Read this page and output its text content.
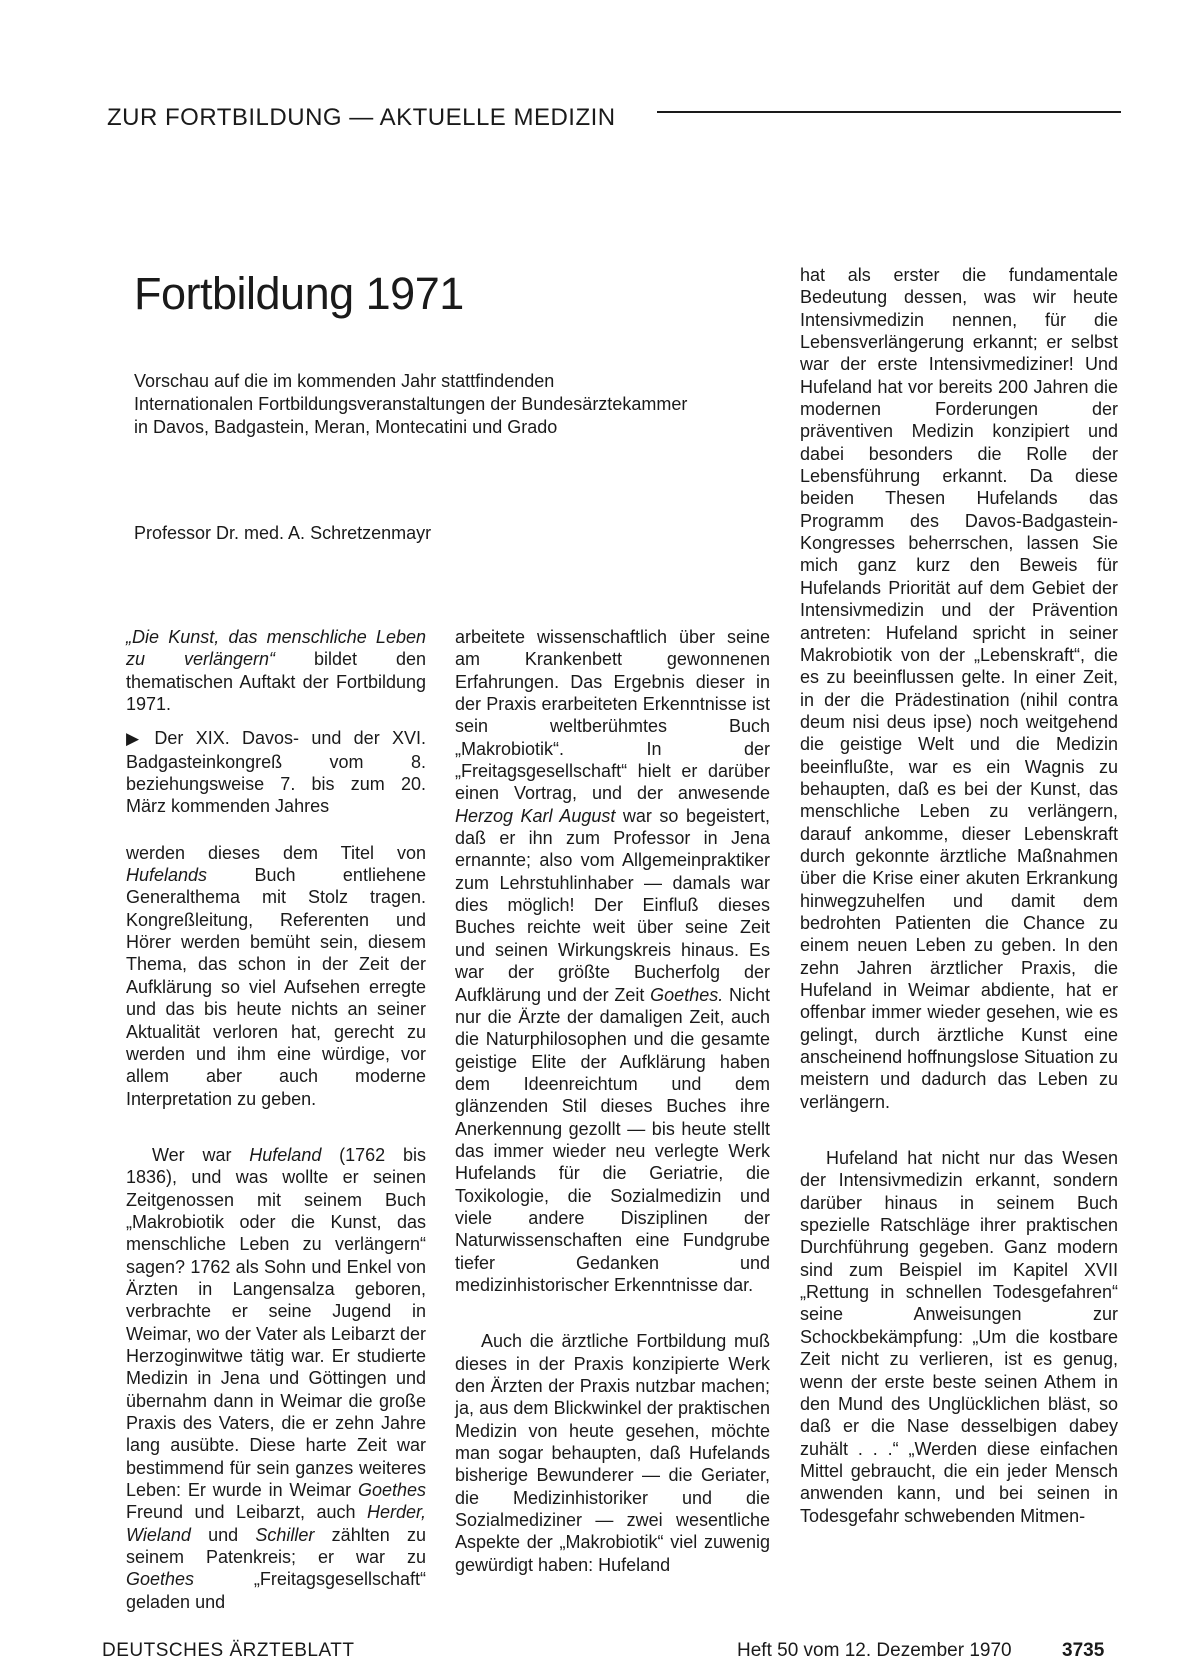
ZUR FORTBILDUNG — AKTUELLE MEDIZIN
Fortbildung 1971
Vorschau auf die im kommenden Jahr stattfindenden
Internationalen Fortbildungsveranstaltungen der Bundesärztekammer
in Davos, Badgastein, Meran, Montecatini und Grado
Professor Dr. med. A. Schretzenmayr

„Die Kunst, das menschliche Leben zu verlängern“ bildet den thematischen Auftakt der Fortbildung 1971.

▶ Der XIX. Davos- und der XVI. Badgasteinkongreß vom 8. beziehungsweise 7. bis zum 20. März kommenden Jahres

werden dieses dem Titel von Hufelands Buch entliehene Generalthema mit Stolz tragen. Kongreßleitung, Referenten und Hörer werden bemüht sein, diesem Thema, das schon in der Zeit der Aufklärung so viel Aufsehen erregte und das bis heute nichts an seiner Aktualität verloren hat, gerecht zu werden und ihm eine würdige, vor allem aber auch moderne Interpretation zu geben.

Wer war Hufeland (1762 bis 1836), und was wollte er seinen Zeitgenossen mit seinem Buch „Makrobiotik oder die Kunst, das menschliche Leben zu verlängern“ sagen? 1762 als Sohn und Enkel von Ärzten in Langensalza geboren, verbrachte er seine Jugend in Weimar, wo der Vater als Leibarzt der Herzoginwitwe tätig war. Er studierte Medizin in Jena und Göttingen und übernahm dann in Weimar die große Praxis des Vaters, die er zehn Jahre lang ausübte. Diese harte Zeit war bestimmend für sein ganzes weiteres Leben: Er wurde in Weimar Goethes Freund und Leibarzt, auch Herder, Wieland und Schiller zählten zu seinem Patenkreis; er war zu Goethes „Freitagsgesellschaft“ geladen und

arbeitete wissenschaftlich über seine am Krankenbett gewonnenen Erfahrungen. Das Ergebnis dieser in der Praxis erarbeiteten Erkenntnisse ist sein weltberühmtes Buch „Makrobiotik“. In der „Freitagsgesellschaft“ hielt er darüber einen Vortrag, und der anwesende Herzog Karl August war so begeistert, daß er ihn zum Professor in Jena ernannte; also vom Allgemeinpraktiker zum Lehrstuhlinhaber — damals war dies möglich! Der Einfluß dieses Buches reichte weit über seine Zeit und seinen Wirkungskreis hinaus. Es war der größte Bucherfolg der Aufklärung und der Zeit Goethes. Nicht nur die Ärzte der damaligen Zeit, auch die Naturphilosophen und die gesamte geistige Elite der Aufklärung haben dem Ideenreichtum und dem glänzenden Stil dieses Buches ihre Anerkennung gezollt — bis heute stellt das immer wieder neu verlegte Werk Hufelands für die Geriatrie, die Toxikologie, die Sozialmedizin und viele andere Disziplinen der Naturwissenschaften eine Fundgrube tiefer Gedanken und medizinhistorischer Erkenntnisse dar.

Auch die ärztliche Fortbildung muß dieses in der Praxis konzipierte Werk den Ärzten der Praxis nutzbar machen; ja, aus dem Blickwinkel der praktischen Medizin von heute gesehen, möchte man sogar behaupten, daß Hufelands bisherige Bewunderer — die Geriater, die Medizinhistoriker und die Sozialmediziner — zwei wesentliche Aspekte der „Makrobiotik“ viel zuwenig gewürdigt haben: Hufeland

hat als erster die fundamentale Bedeutung dessen, was wir heute Intensivmedizin nennen, für die Lebensverlängerung erkannt; er selbst war der erste Intensivmediziner! Und Hufeland hat vor bereits 200 Jahren die modernen Forderungen der präventiven Medizin konzipiert und dabei besonders die Rolle der Lebensführung erkannt. Da diese beiden Thesen Hufelands das Programm des Davos-Badgastein-Kongresses beherrschen, lassen Sie mich ganz kurz den Beweis für Hufelands Priorität auf dem Gebiet der Intensivmedizin und der Prävention antreten: Hufeland spricht in seiner Makrobiotik von der „Lebenskraft“, die es zu beeinflussen gelte. In einer Zeit, in der die Prädestination (nihil contra deum nisi deus ipse) noch weitgehend die geistige Welt und die Medizin beeinflußte, war es ein Wagnis zu behaupten, daß es bei der Kunst, das menschliche Leben zu verlängern, darauf ankomme, dieser Lebenskraft durch gekonnte ärztliche Maßnahmen über die Krise einer akuten Erkrankung hinwegzuhelfen und damit dem bedrohten Patienten die Chance zu einem neuen Leben zu geben. In den zehn Jahren ärztlicher Praxis, die Hufeland in Weimar abdiente, hat er offenbar immer wieder gesehen, wie es gelingt, durch ärztliche Kunst eine anscheinend hoffnungslose Situation zu meistern und dadurch das Leben zu verlängern.

Hufeland hat nicht nur das Wesen der Intensivmedizin erkannt, sondern darüber hinaus in seinem Buch spezielle Ratschläge ihrer praktischen Durchführung gegeben. Ganz modern sind zum Beispiel im Kapitel XVII „Rettung in schnellen Todesgefahren“ seine Anweisungen zur Schockbekämpfung: „Um die kostbare Zeit nicht zu verlieren, ist es genug, wenn der erste beste seinen Athem in den Mund des Unglücklichen bläst, so daß er die Nase desselbigen dabey zuhält . . .“ „Werden diese einfachen Mittel gebraucht, die ein jeder Mensch anwenden kann, und bei seinen in Todesgefahr schwebenden Mitmen-

DEUTSCHES ÄRZTEBLATT	Heft 50 vom 12. Dezember 1970	3735
